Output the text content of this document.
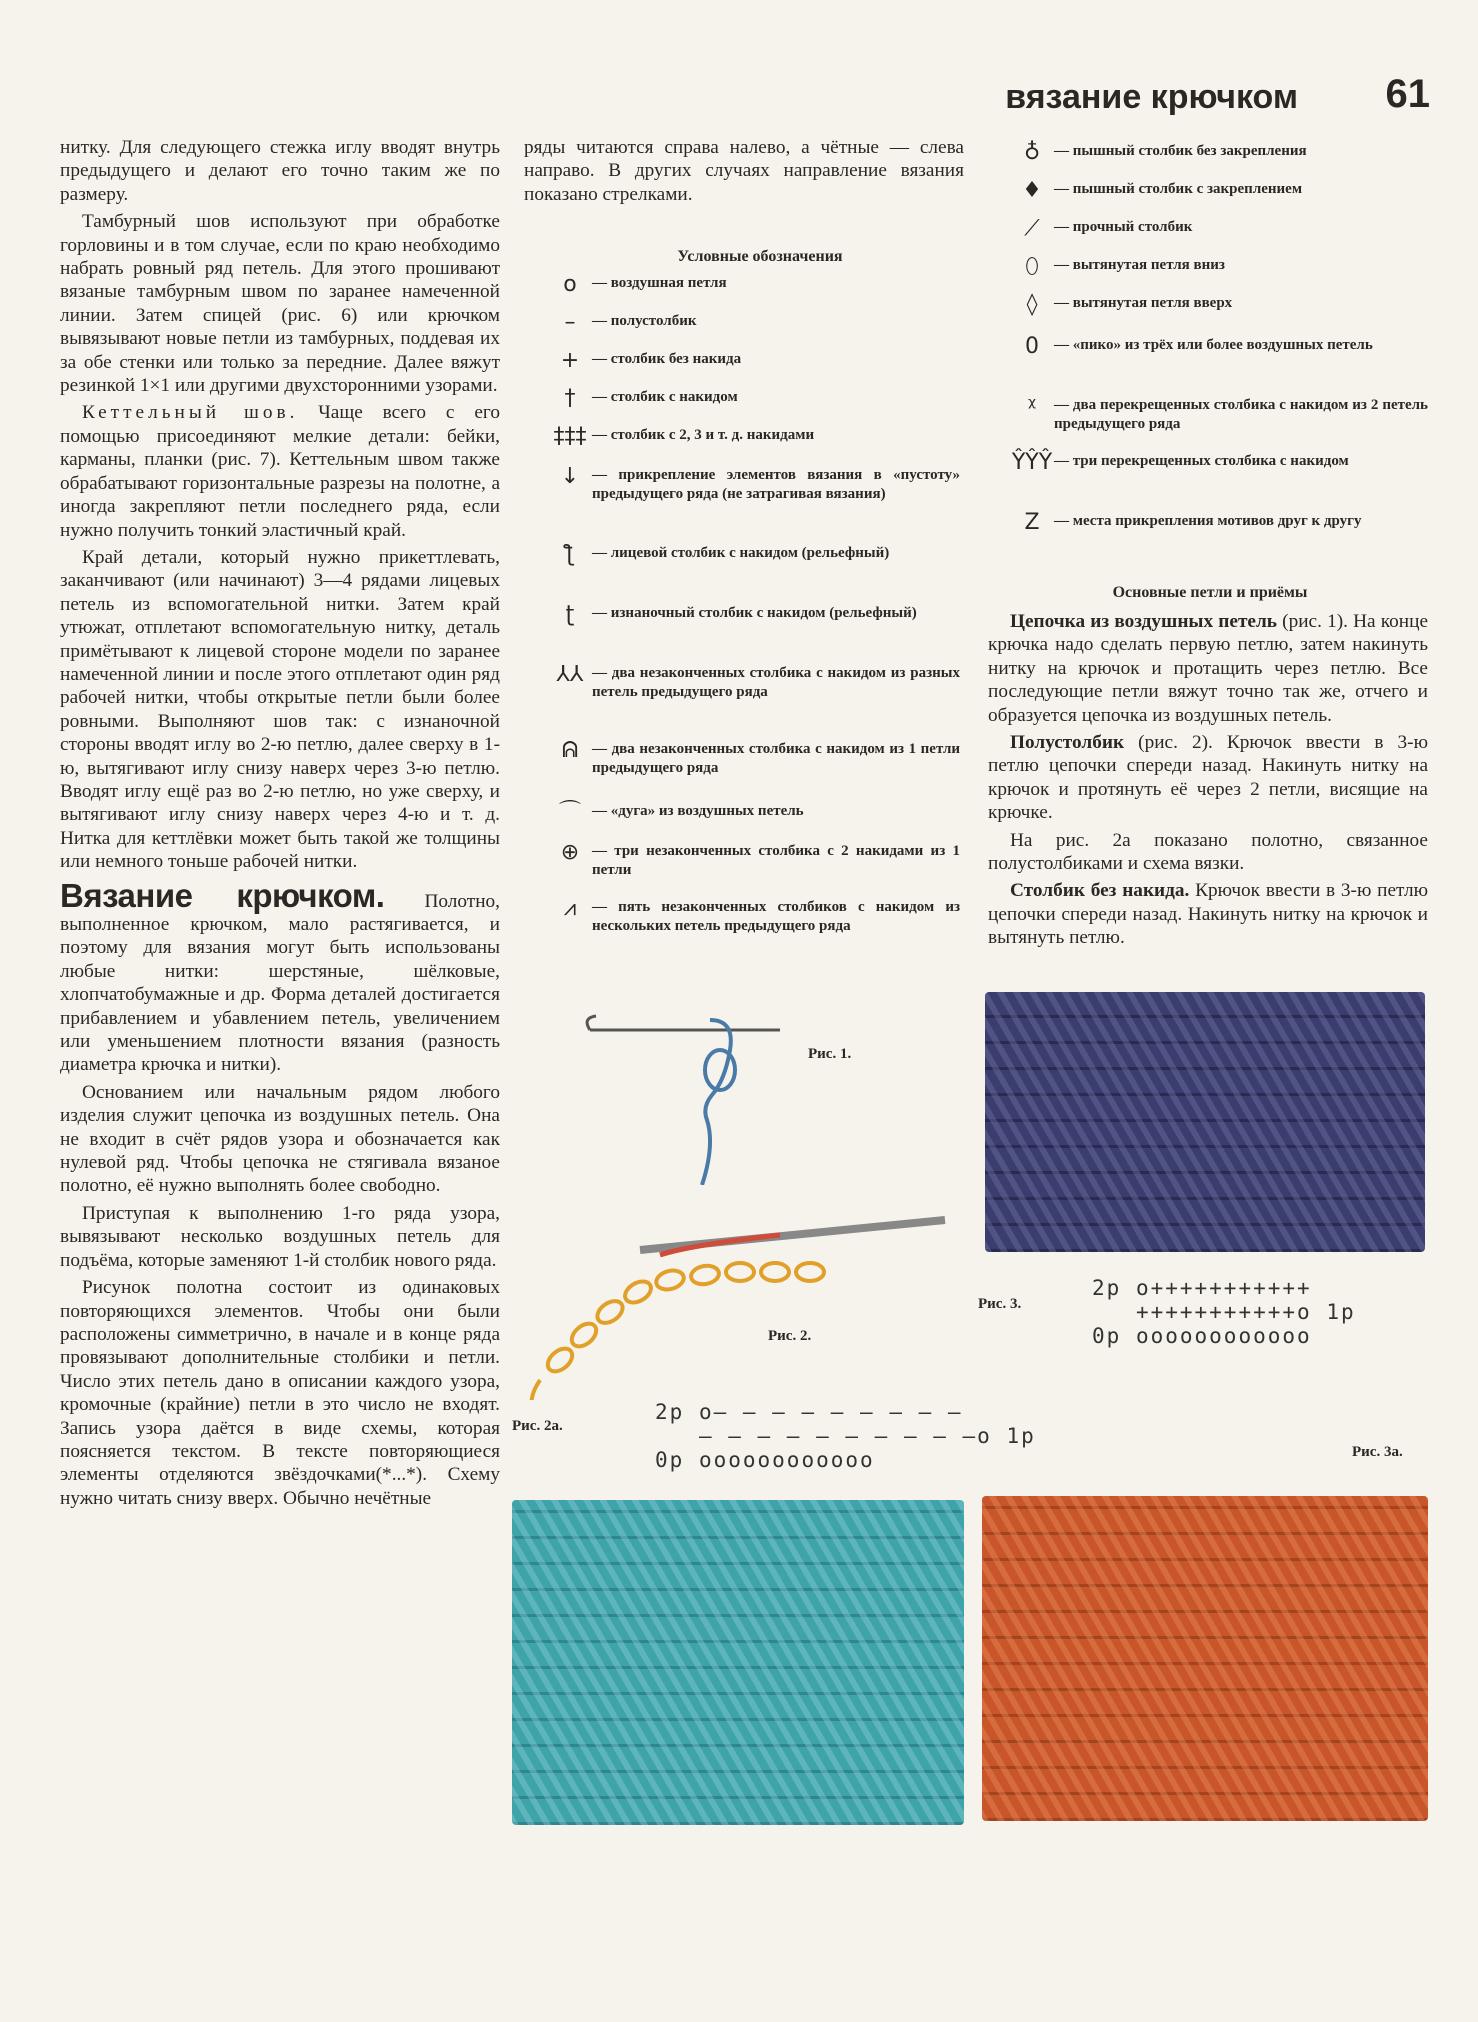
вязание крючком 61

нитку. Для следующего стежка иглу вводят внутрь предыдущего и делают его точно таким же по размеру.

Тамбурный шов используют при обработке горловины и в том случае, если по краю необходимо набрать ровный ряд петель. Для этого прошивают вязаные тамбурным швом по заранее намеченной линии. Затем спицей (рис. 6) или крючком вывязывают новые петли из тамбурных, поддевая их за обе стенки или только за передние. Далее вяжут резинкой 1×1 или другими двухсторонними узорами.

Кеттельный шов. Чаще всего с его помощью присоединяют мелкие детали: бейки, карманы, планки (рис. 7). Кеттельным швом также обрабатывают горизонтальные разрезы на полотне, а иногда закрепляют петли последнего ряда, если нужно получить тонкий эластичный край.

Край детали, который нужно прикеттлевать, заканчивают (или начинают) 3—4 рядами лицевых петель из вспомогательной нитки. Затем край утюжат, отплетают вспомогательную нитку, деталь примётывают к лицевой стороне модели по заранее намеченной линии и после этого отплетают один ряд рабочей нитки, чтобы открытые петли были более ровными. Выполняют шов так: с изнаночной стороны вводят иглу во 2-ю петлю, далее сверху в 1-ю, вытягивают иглу снизу наверх через 3-ю петлю. Вводят иглу ещё раз во 2-ю петлю, но уже сверху, и вытягивают иглу снизу наверх через 4-ю и т. д. Нитка для кеттлёвки может быть такой же толщины или немного тоньше рабочей нитки.

Вязание крючком. Полотно, выполненное крючком, мало растягивается, и поэтому для вязания могут быть использованы любые нитки: шерстяные, шёлковые, хлопчатобумажные и др. Форма деталей достигается прибавлением и убавлением петель, увеличением или уменьшением плотности вязания (разность диаметра крючка и нитки).

Основанием или начальным рядом любого изделия служит цепочка из воздушных петель. Она не входит в счёт рядов узора и обозначается как нулевой ряд. Чтобы цепочка не стягивала вязаное полотно, её нужно выполнять более свободно.

Приступая к выполнению 1-го ряда узора, вывязывают несколько воздушных петель для подъёма, которые заменяют 1-й столбик нового ряда.

Рисунок полотна состоит из одинаковых повторяющихся элементов. Чтобы они были расположены симметрично, в начале и в конце ряда провязывают дополнительные столбики и петли. Число этих петель дано в описании каждого узора, кромочные (крайние) петли в это число не входят. Запись узора даётся в виде схемы, которая поясняется текстом. В тексте повторяющиеся элементы отделяются звёздочками(*...*). Схему нужно читать снизу вверх. Обычно нечётные

ряды читаются справа налево, а чётные — слева направо. В других случаях направление вязания показано стрелками.
Условные обозначения
o	— воздушная петля
–	— полустолбик
+ — столбик без накида
†	— столбик с накидом
‡‡‡ — столбик с 2, 3 и т. д. накидами
↓ — прикрепление элементов вязания в «пустоту» предыдущего ряда (не затрагивая вязания)
ƪ	— лицевой столбик с накидом (рельефный)
ʈ	— изнаночный столбик с накидом (рельефный)
⅄⅄ — два незаконченных столбика с накидом из разных петель предыдущего ряда
ᕱ — два незаконченных столбика с накидом из 1 петли предыдущего ряда
⌒ — «дуга» из воздушных петель
⊕ — три незаконченных столбика с 2 накидами из 1 петли
⩘	— пять незаконченных столбиков с накидом из нескольких петель предыдущего ряда
♁ — пышный столбик без закрепления
♦ — пышный столбик с закреплением
⟋ — прочный столбик
⬯	— вытянутая петля вниз
◊	— вытянутая петля вверх
0	— «пико» из трёх или более воздушных петель
ᵡ	— два перекрещенных столбика с накидом из 2 петель предыдущего ряда
ŶŶŶ — три перекрещенных столбика с накидом
Z — места прикрепления мотивов друг к другу
Рис. 1.
Рис. 2.
Рис. 2а.
2р о– – – – – – – – –
– – – – – – – – – –о 1р
0р оооооооооооо
Основные петли и приёмы

Цепочка из воздушных петель (рис. 1). На конце крючка надо сделать первую петлю, затем накинуть нитку на крючок и протащить через петлю. Все последующие петли вяжут точно так же, отчего и образуется цепочка из воздушных петель.

Полустолбик (рис. 2). Крючок ввести в 3-ю петлю цепочки спереди назад. Накинуть нитку на крючок и протянуть её через 2 петли, висящие на крючке.

На рис. 2а показано полотно, связанное полустолбиками и схема вязки.

Столбик без накида. Крючок ввести в 3-ю петлю цепочки спереди назад. Накинуть нитку на крючок и вытянуть петлю.

Рис. 3.
2р о+++++++++++
+++++++++++о 1р
0р оооооооооооо
Рис. 3а.
